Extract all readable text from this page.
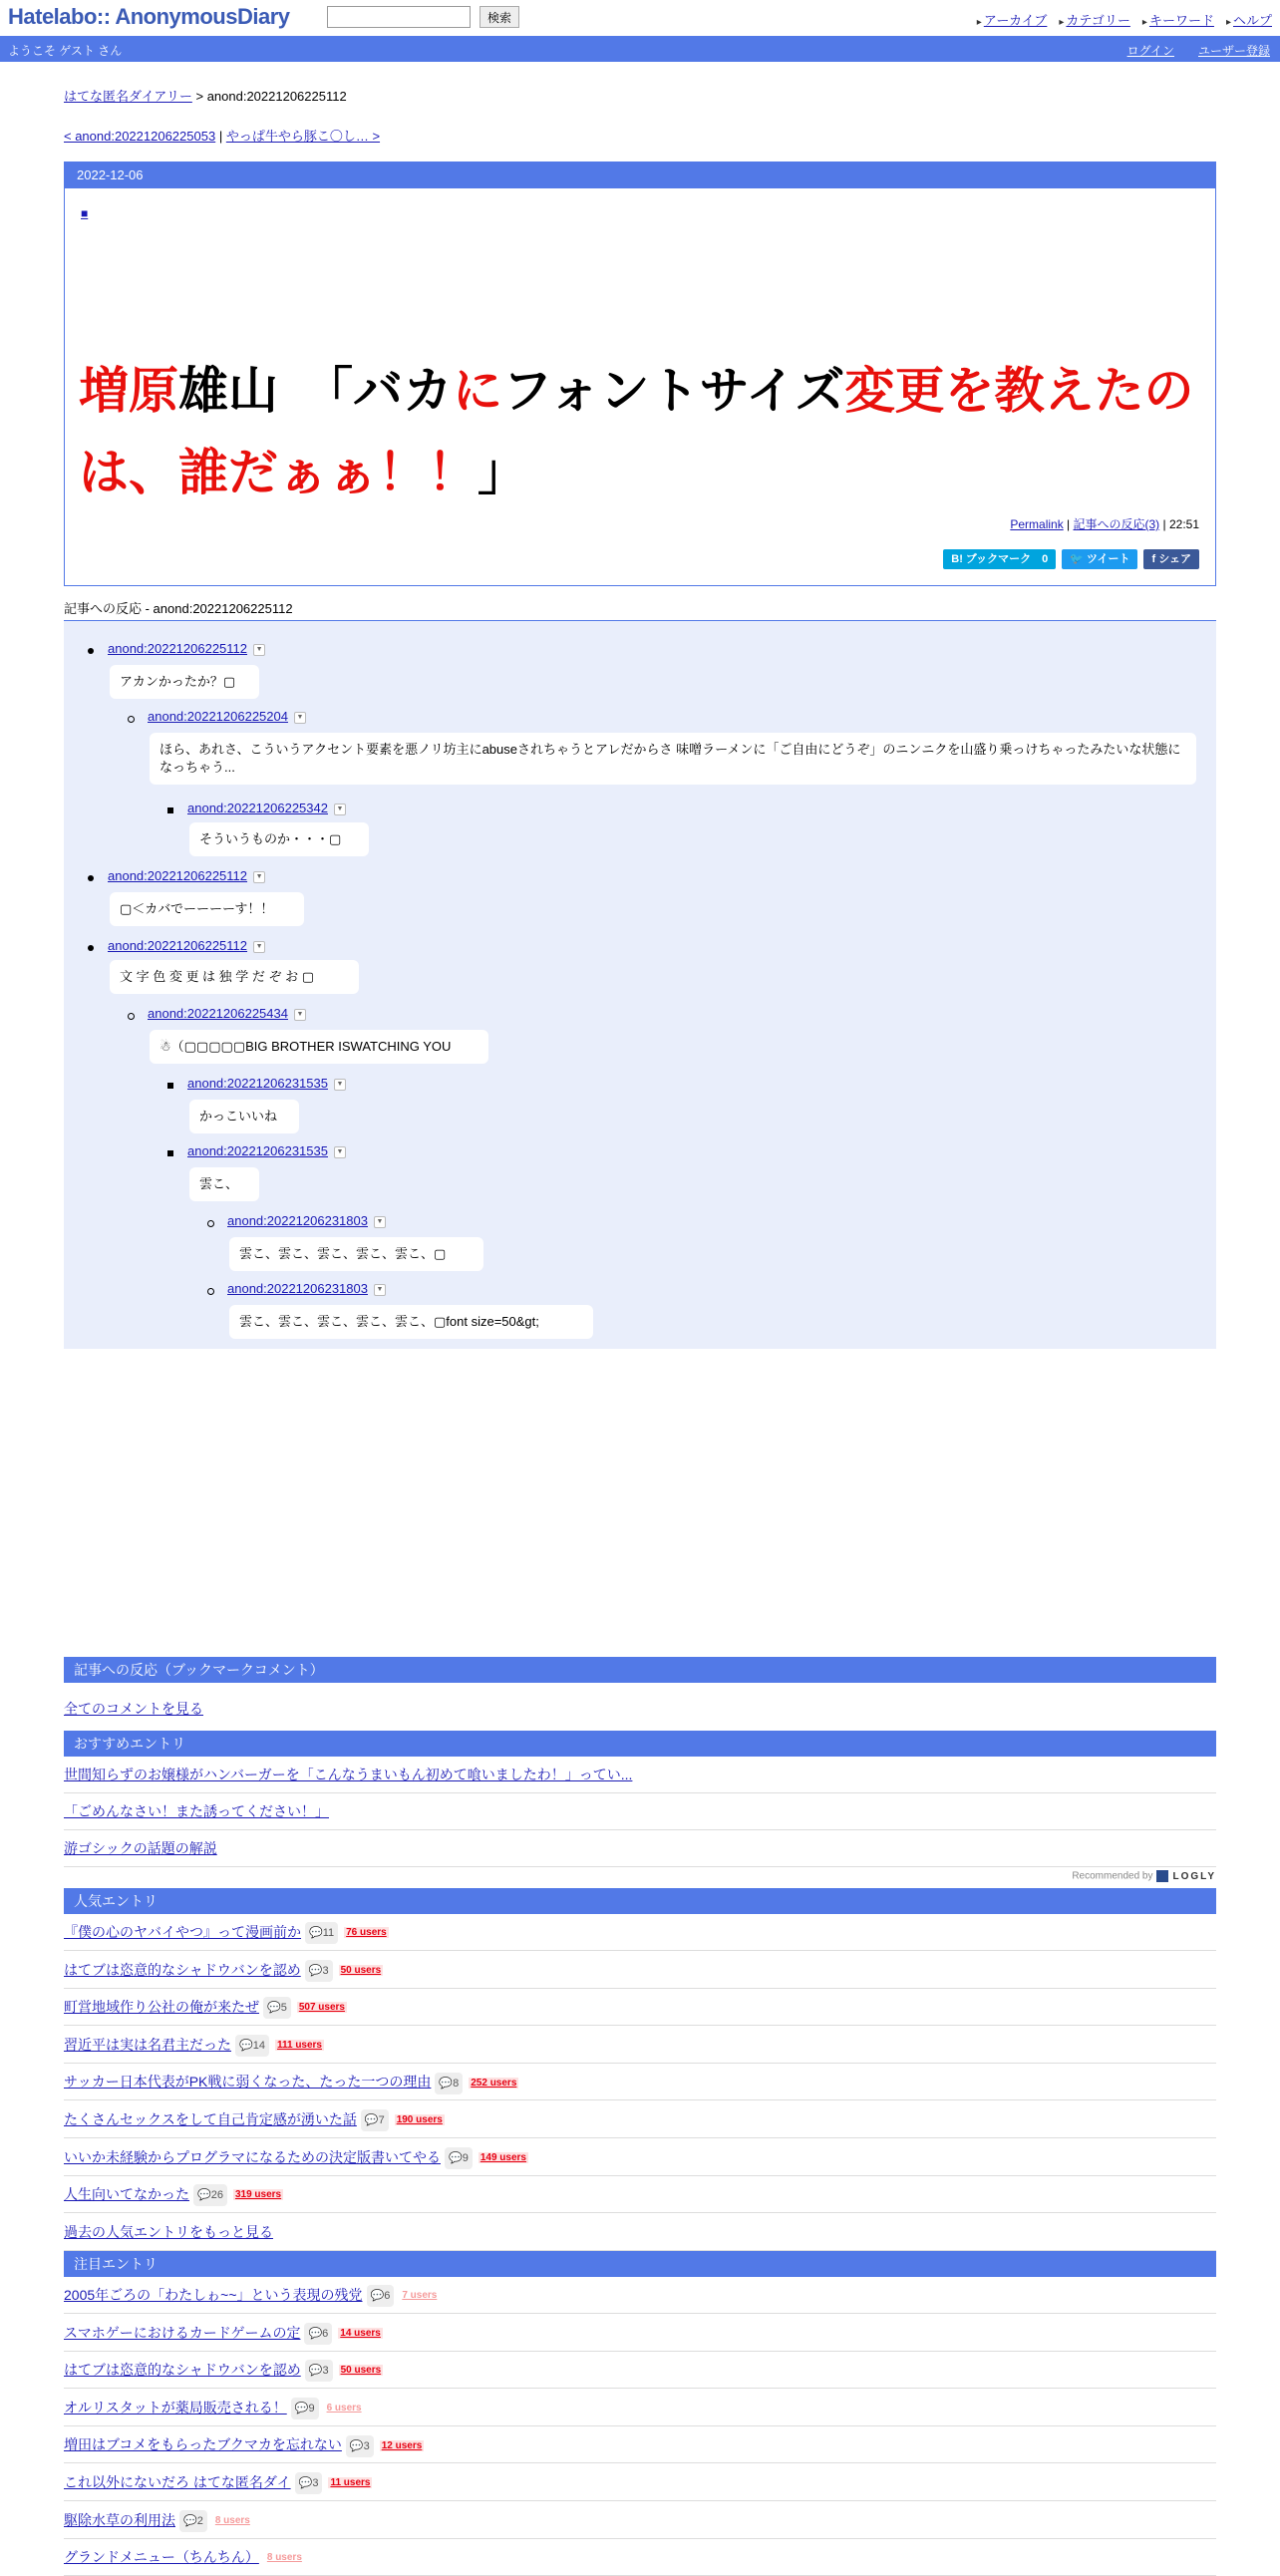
Hatelabo:: AnonymousDiary	検索	▸ アーカイブ ▸ カテゴリー ▸ キーワード ▸ ヘルプ
ようこそ ゲスト さん	ログイン ユーザー登録
はてな匿名ダイアリー > anond:20221206225112
< anond:20221206225053 | やっぱ牛やら豚こ〇し… >
2022-12-06
■
増原雄山　「バカにフォントサイズ変更を教えたのは、誰だぁぁ！！」
Permalink | 記事への反応(3) | 22:51
B! ブックマーク　0 🐦 ツイート f シェア
記事への反応 - anond:20221206225112
anond:20221206225112 ▼
アカンかったか？▢
anond:20221206225204 ▼
ほら、あれさ、こういうアクセント要素を悪ノリ坊主にabuseされちゃうとアレだからさ 味噌ラーメンに「ご自由にどうぞ」のニンニクを山盛り乗っけちゃったみたいな状態になっちゃう...
anond:20221206225342 ▼
そういうものか・・・▢
anond:20221206225112 ▼
▢＜カバでーーーーす！！
anond:20221206225112 ▼
文 字 色 変 更 は 独 学 だ ぞ お ▢
anond:20221206225434 ▼
☃（▢▢▢▢▢BIG BROTHER ISWATCHING YOU
anond:20221206231535 ▼
かっこいいね
anond:20221206231535 ▼
雲こ、
anond:20221206231803 ▼
雲こ、雲こ、雲こ、雲こ、雲こ、▢
anond:20221206231803 ▼
雲こ、雲こ、雲こ、雲こ、雲こ、▢font size=50&gt;
記事への反応（ブックマークコメント）
全てのコメントを見る
おすすめエントリ
世間知らずのお嬢様がハンバーガーを「こんなうまいもん初めて喰いましたわ！」ってい...
「ごめんなさい！また誘ってください！」
游ゴシックの話題の解説
Recommended by LOGLY
人気エントリ
『僕の心のヤバイやつ』って漫画前か 💬11 76 users
はてブは恣意的なシャドウバンを認め 💬3 50 users
町営地域作り公社の俺が来たぜ 💬5 507 users
習近平は実は名君主だった 💬14 111 users
サッカー日本代表がPK戦に弱くなった、たった一つの理由 💬8 252 users
たくさんセックスをして自己肯定感が湧いた話 💬7 190 users
いいか未経験からプログラマになるための決定版書いてやる 💬9 149 users
人生向いてなかった 💬26 319 users
過去の人気エントリをもっと見る
注目エントリ
2005年ごろの「わたしゎ~~」という表現の残党 💬6 7 users
スマホゲーにおけるカードゲームの定 💬6 14 users
はてブは恣意的なシャドウバンを認め 💬3 50 users
オルリスタットが薬局販売される！ 💬9 6 users
増田はブコメをもらったブクマカを忘れない 💬3 12 users
これ以外にないだろ はてな匿名ダイ 💬3 11 users
駆除水草の利用法 💬2 8 users
グランドメニュー（ちんちん） 8 users
